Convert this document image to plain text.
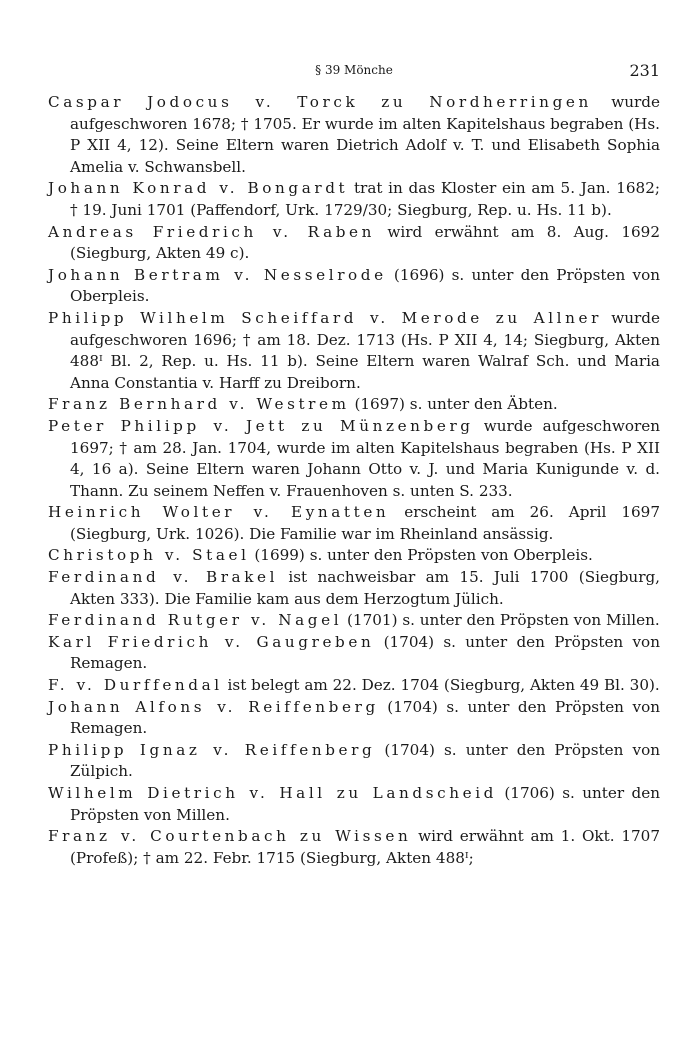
§ 39 Mönche	231

Caspar Jodocus v. Torck zu Nordherringen wurde aufgeschworen 1678; † 1705. Er wurde im alten Kapitelshaus begraben (Hs. P XII 4, 12). Seine Eltern waren Dietrich Adolf v. T. und Elisabeth Sophia Amelia v. Schwansbell.

Johann Konrad v. Bongardt trat in das Kloster ein am 5. Jan. 1682; † 19. Juni 1701 (Paffendorf, Urk. 1729/30; Siegburg, Rep. u. Hs. 11 b).

Andreas Friedrich v. Raben wird erwähnt am 8. Aug. 1692 (Siegburg, Akten 49 c).

Johann Bertram v. Nesselrode (1696) s. unter den Pröpsten von Oberpleis.

Philipp Wilhelm Scheiffard v. Merode zu Allner wurde aufgeschworen 1696; † am 18. Dez. 1713 (Hs. P XII 4, 14; Siegburg, Akten 488ᴵ Bl. 2, Rep. u. Hs. 11 b). Seine Eltern waren Walraf Sch. und Maria Anna Constantia v. Harff zu Dreiborn.

Franz Bernhard v. Westrem (1697) s. unter den Äbten.

Peter Philipp v. Jett zu Münzenberg wurde aufgeschworen 1697; † am 28. Jan. 1704, wurde im alten Kapitelshaus begraben (Hs. P XII 4, 16 a). Seine Eltern waren Johann Otto v. J. und Maria Kunigunde v. d. Thann. Zu seinem Neffen v. Frauenhoven s. unten S. 233.

Heinrich Wolter v. Eynatten erscheint am 26. April 1697 (Siegburg, Urk. 1026). Die Familie war im Rheinland ansässig.

Christoph v. Stael (1699) s. unter den Pröpsten von Oberpleis.

Ferdinand v. Brakel ist nachweisbar am 15. Juli 1700 (Siegburg, Akten 333). Die Familie kam aus dem Herzogtum Jülich.

Ferdinand Rutger v. Nagel (1701) s. unter den Pröpsten von Millen.

Karl Friedrich v. Gaugreben (1704) s. unter den Pröpsten von Remagen.

F. v. Durffendal ist belegt am 22. Dez. 1704 (Siegburg, Akten 49 Bl. 30).

Johann Alfons v. Reiffenberg (1704) s. unter den Pröpsten von Remagen.

Philipp Ignaz v. Reiffenberg (1704) s. unter den Pröpsten von Zülpich.

Wilhelm Dietrich v. Hall zu Landscheid (1706) s. unter den Pröpsten von Millen.

Franz v. Courtenbach zu Wissen wird erwähnt am 1. Okt. 1707 (Profeß); † am 22. Febr. 1715 (Siegburg, Akten 488ᴵ;
